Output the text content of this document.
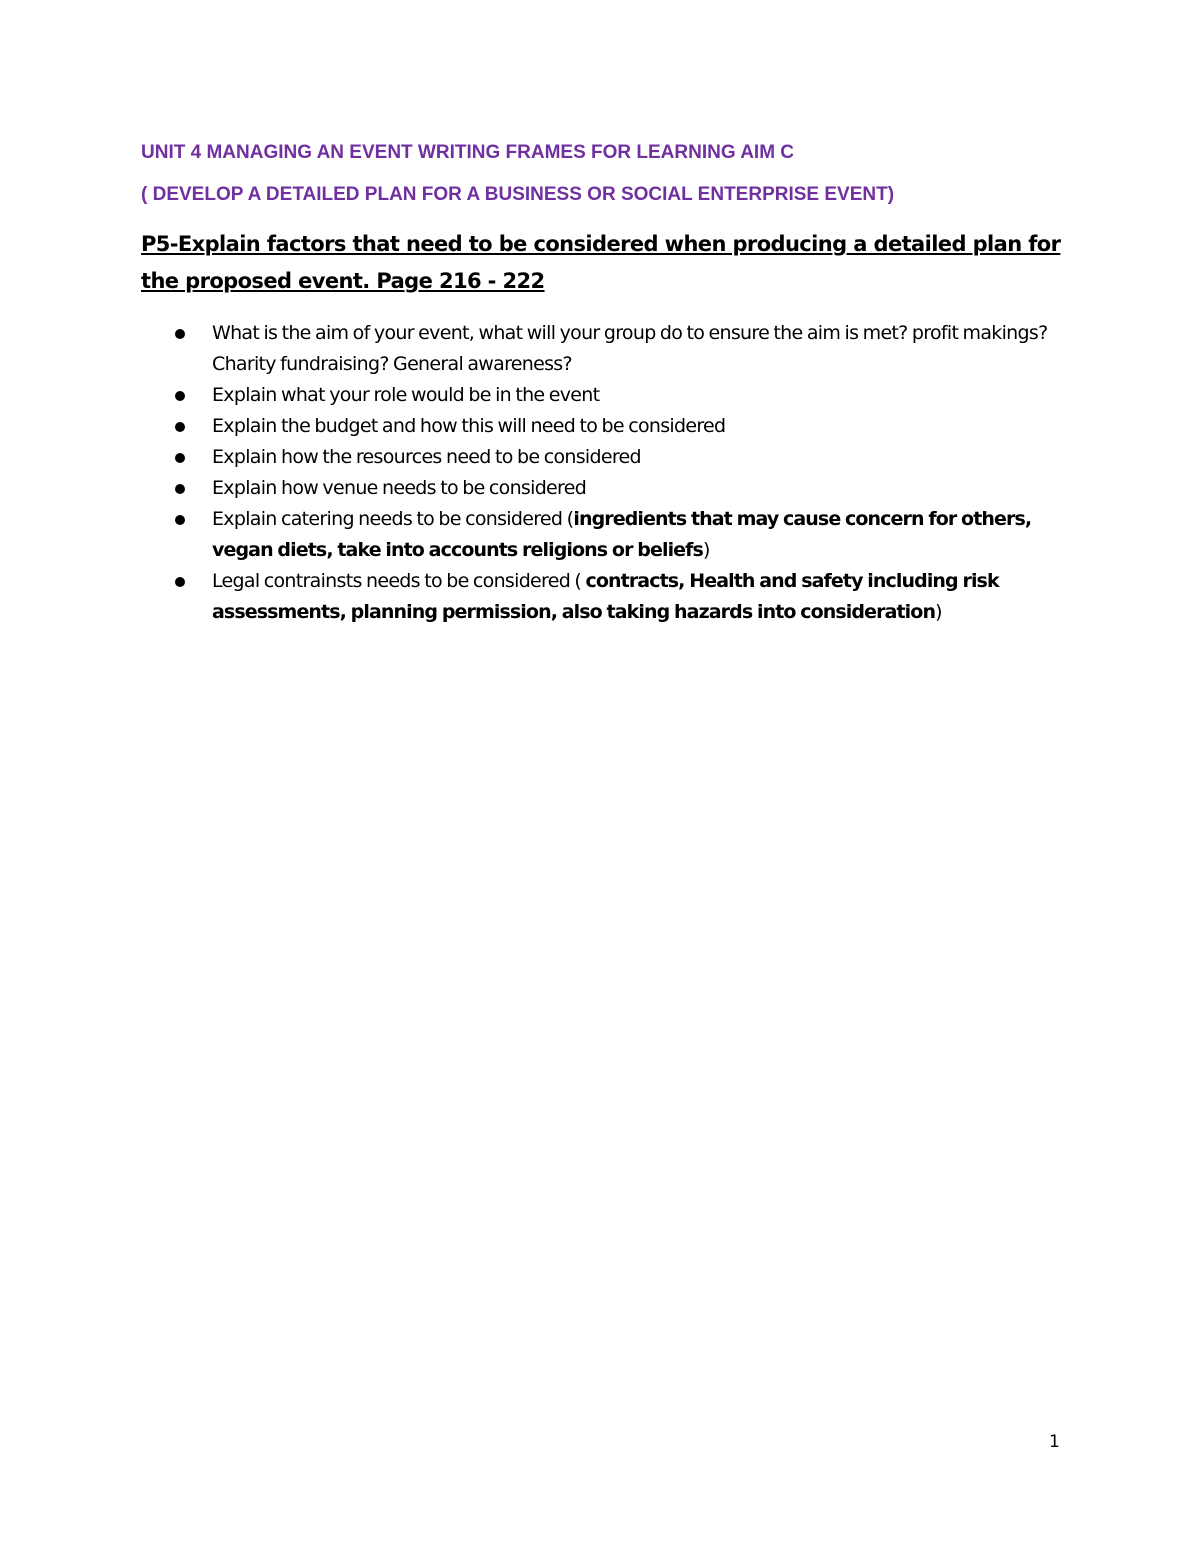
UNIT 4 MANAGING AN EVENT WRITING FRAMES FOR LEARNING AIM C

( DEVELOP A DETAILED PLAN FOR A BUSINESS OR SOCIAL ENTERPRISE EVENT)

P5-Explain factors that need to be considered when producing a detailed plan for the proposed event. Page 216 - 222

What is the aim of your event, what will your group do to ensure the aim is met? profit makings? Charity fundraising? General awareness?
Explain what your role would be in the event
Explain the budget and how this will need to be considered
Explain how the resources need to be considered
Explain how venue needs to be considered
Explain catering needs to be considered (ingredients that may cause concern for others, vegan diets, take into accounts religions or beliefs)
Legal contrainsts needs to be considered ( contracts, Health and safety including risk assessments, planning permission, also taking hazards into consideration)
1
